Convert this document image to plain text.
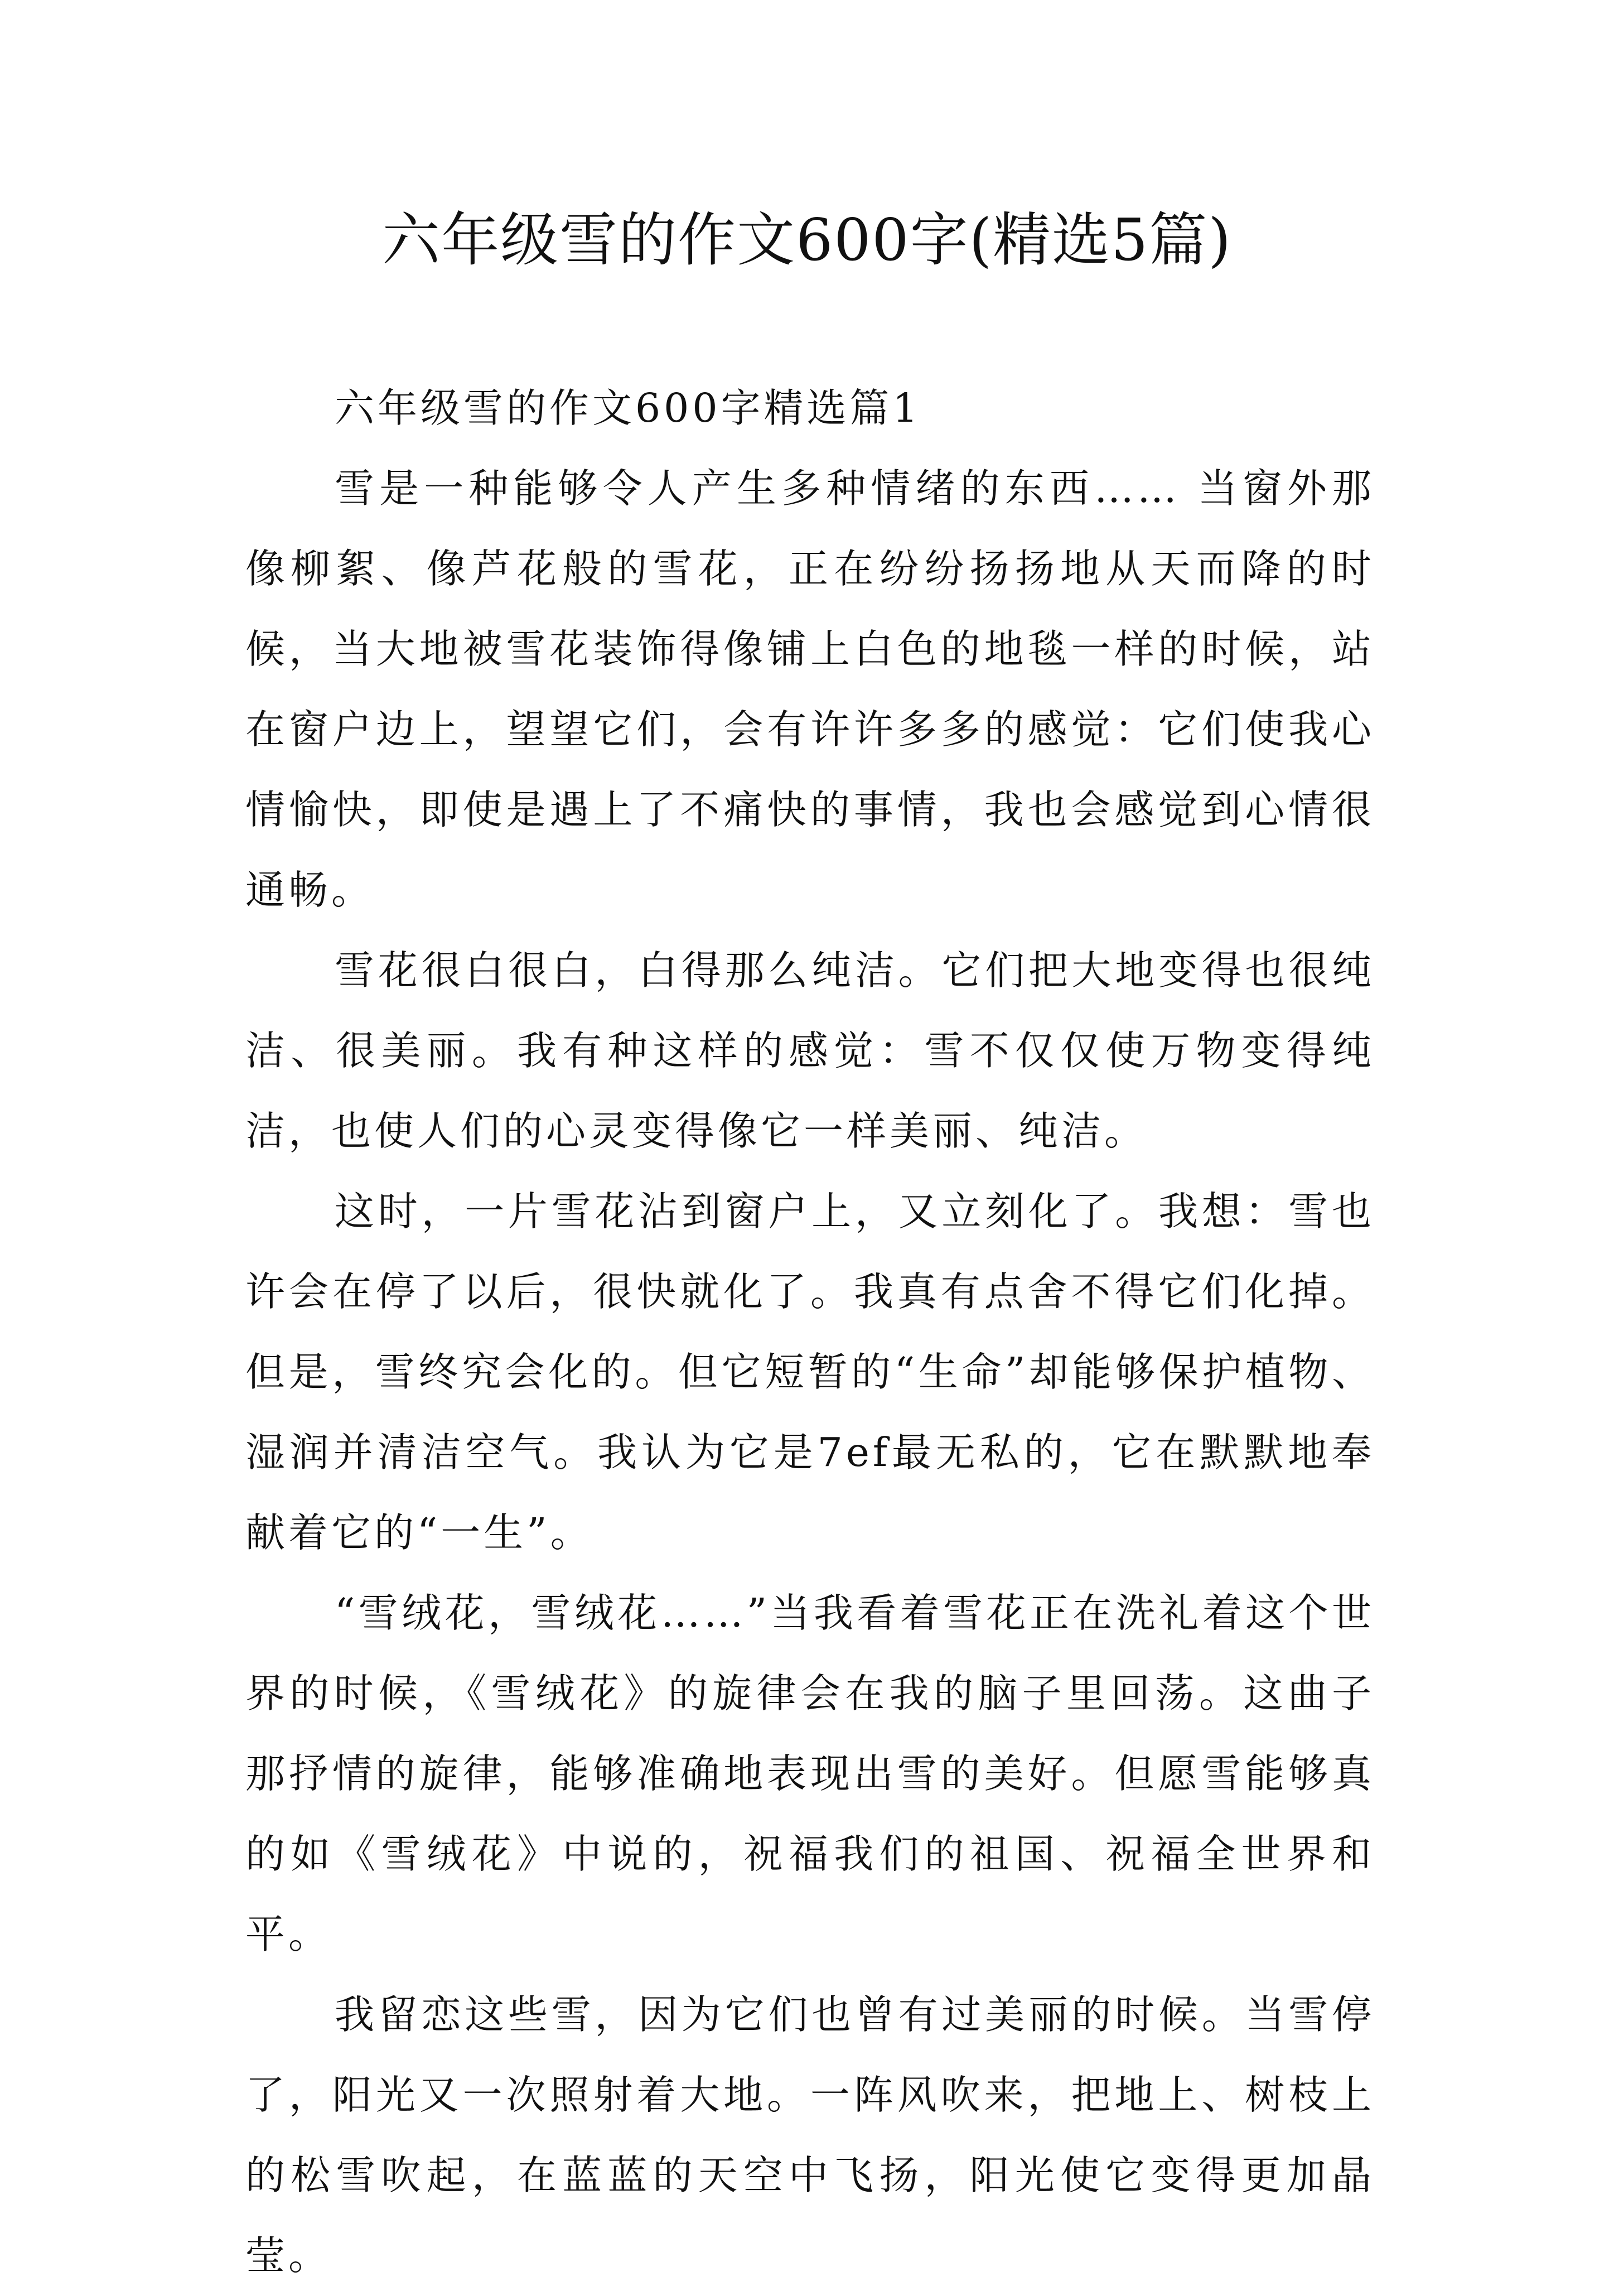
六年级雪的作文600字(精选5篇)
六年级雪的作文600字精选篇1

雪是一种能够令人产生多种情绪的东西…… 当窗外那像柳絮、像芦花般的雪花，正在纷纷扬扬地从天而降的时候，当大地被雪花装饰得像铺上白色的地毯一样的时候，站在窗户边上，望望它们，会有许许多多的感觉：它们使我心情愉快，即使是遇上了不痛快的事情，我也会感觉到心情很通畅。

雪花很白很白，白得那么纯洁。它们把大地变得也很纯洁、很美丽。我有种这样的感觉：雪不仅仅使万物变得纯洁，也使人们的心灵变得像它一样美丽、纯洁。

这时，一片雪花沾到窗户上，又立刻化了。我想：雪也许会在停了以后，很快就化了。我真有点舍不得它们化掉。但是，雪终究会化的。但它短暂的“生命”却能够保护植物、湿润并清洁空气。我认为它是7ef最无私的，它在默默地奉献着它的“一生”。

“雪绒花，雪绒花……”当我看着雪花正在洗礼着这个世界的时候，《雪绒花》的旋律会在我的脑子里回荡。这曲子那抒情的旋律，能够准确地表现出雪的美好。但愿雪能够真的如《雪绒花》中说的，祝福我们的祖国、祝福全世界和平。

我留恋这些雪，因为它们也曾有过美丽的时候。当雪停了，阳光又一次照射着大地。一阵风吹来，把地上、树枝上的松雪吹起，在蓝蓝的天空中飞扬，阳光使它变得更加晶莹。
